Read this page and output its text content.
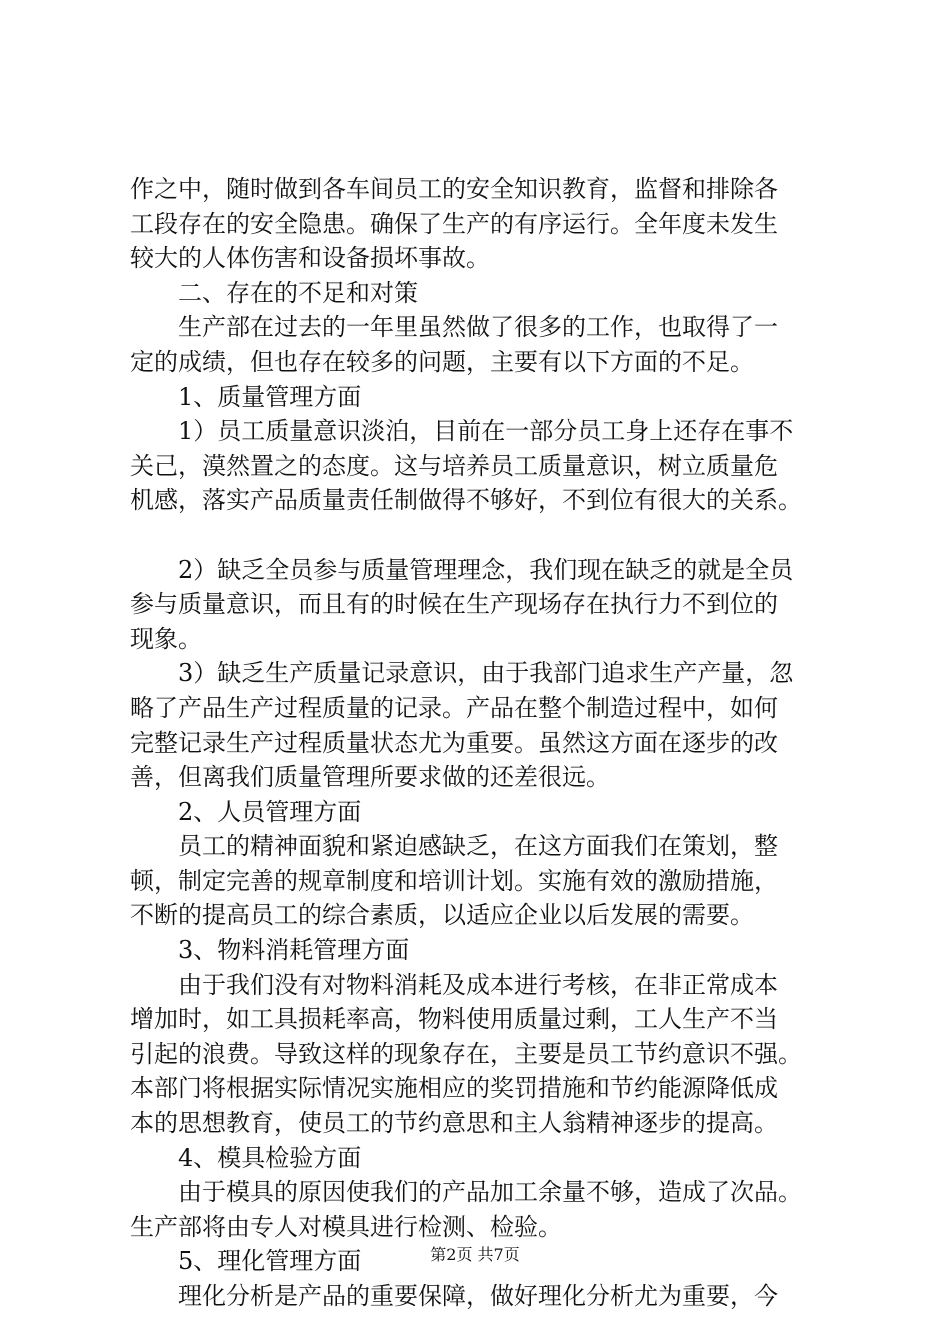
作之中，随时做到各车间员工的安全知识教育，监督和排除各
工段存在的安全隐患。确保了生产的有序运行。全年度未发生
较大的人体伤害和设备损坏事故。
二、存在的不足和对策
生产部在过去的一年里虽然做了很多的工作，也取得了一
定的成绩，但也存在较多的问题，主要有以下方面的不足。
1、质量管理方面
1）员工质量意识淡泊，目前在一部分员工身上还存在事不
关己，漠然置之的态度。这与培养员工质量意识，树立质量危
机感，落实产品质量责任制做得不够好，不到位有很大的关系。
2）缺乏全员参与质量管理理念，我们现在缺乏的就是全员
参与质量意识，而且有的时候在生产现场存在执行力不到位的
现象。
3）缺乏生产质量记录意识，由于我部门追求生产产量，忽
略了产品生产过程质量的记录。产品在整个制造过程中，如何
完整记录生产过程质量状态尤为重要。虽然这方面在逐步的改
善，但离我们质量管理所要求做的还差很远。
2、人员管理方面
员工的精神面貌和紧迫感缺乏，在这方面我们在策划，整
顿，制定完善的规章制度和培训计划。实施有效的激励措施，
不断的提高员工的综合素质，以适应企业以后发展的需要。
3、物料消耗管理方面
由于我们没有对物料消耗及成本进行考核，在非正常成本
增加时，如工具损耗率高，物料使用质量过剩，工人生产不当
引起的浪费。导致这样的现象存在，主要是员工节约意识不强。
本部门将根据实际情况实施相应的奖罚措施和节约能源降低成
本的思想教育，使员工的节约意思和主人翁精神逐步的提高。
4、模具检验方面
由于模具的原因使我们的产品加工余量不够，造成了次品。
生产部将由专人对模具进行检测、检验。
5、理化管理方面
理化分析是产品的重要保障，做好理化分析尤为重要，今
第2页 共7页
